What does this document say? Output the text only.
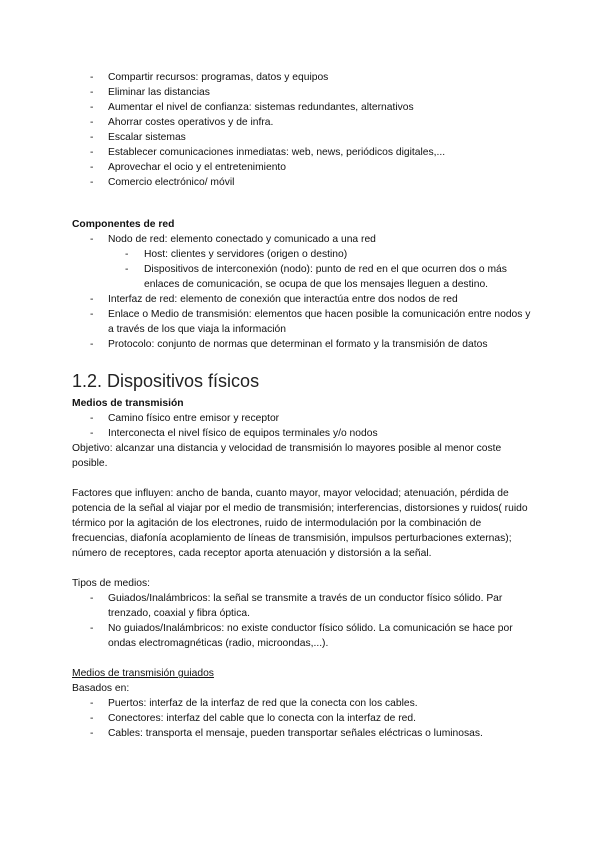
- Compartir recursos: programas, datos y equipos
- Eliminar las distancias
- Aumentar el nivel de confianza: sistemas redundantes, alternativos
- Ahorrar costes operativos y de infra.
- Escalar sistemas
- Establecer comunicaciones inmediatas: web, news, periódicos digitales,...
- Aprovechar el ocio y el entretenimiento
- Comercio electrónico/ móvil
Componentes de red
- Nodo de red: elemento conectado y comunicado a una red
- Host: clientes y servidores (origen o destino)
- Dispositivos de interconexión (nodo): punto de red en el que ocurren dos o más enlaces de comunicación, se ocupa de que los mensajes lleguen a destino.
- Interfaz de red: elemento de conexión que interactúa entre dos nodos de red
- Enlace o Medio de transmisión: elementos que hacen posible la comunicación entre nodos y a través de los que viaja la información
- Protocolo: conjunto de normas que determinan el formato y la transmisión de datos
1.2. Dispositivos físicos
Medios de transmisión
- Camino físico entre emisor y receptor
- Interconecta el nivel físico de equipos terminales y/o nodos
Objetivo: alcanzar una distancia y velocidad de transmisión lo mayores posible al menor coste posible.
Factores que influyen: ancho de banda, cuanto mayor, mayor velocidad; atenuación, pérdida de potencia de la señal al viajar por el medio de transmisión; interferencias, distorsiones y ruidos( ruido térmico por la agitación de los electrones, ruido de intermodulación por la combinación de frecuencias, diafonía acoplamiento de líneas de transmisión, impulsos perturbaciones externas); número de receptores, cada receptor aporta atenuación y distorsión a la señal.
Tipos de medios:
- Guiados/Inalámbricos: la señal se transmite a través de un conductor físico sólido. Par trenzado, coaxial y fibra óptica.
- No guiados/Inalámbricos: no existe conductor físico sólido. La comunicación se hace por ondas electromagnéticas (radio, microondas,...).
Medios de transmisión guiados
Basados en:
- Puertos: interfaz de la interfaz de red que la conecta con los cables.
- Conectores: interfaz del cable que lo conecta con la interfaz de red.
- Cables: transporta el mensaje, pueden transportar señales eléctricas o luminosas.
